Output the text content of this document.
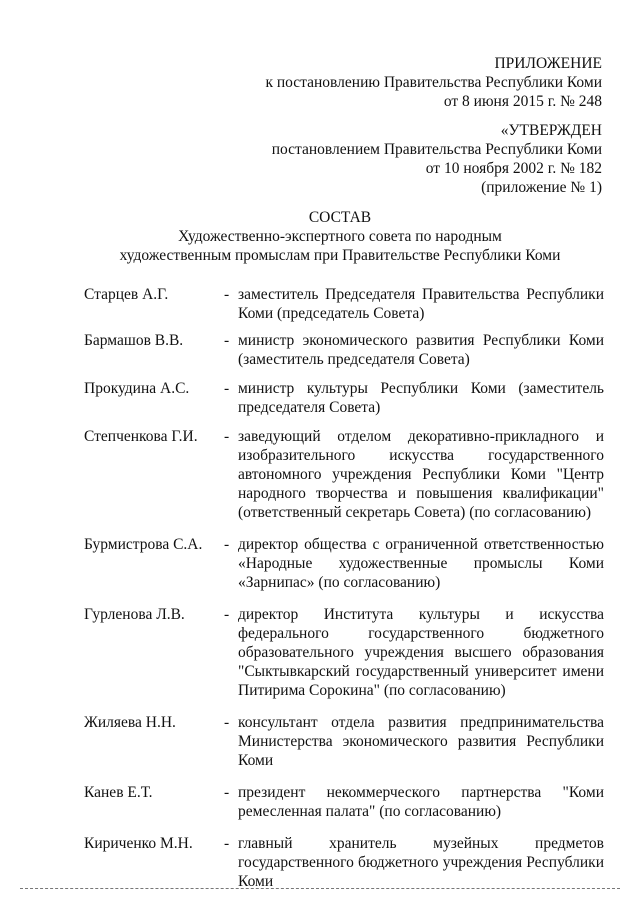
ПРИЛОЖЕНИЕ
к постановлению Правительства Республики Коми
от 8 июня 2015 г. № 248
«УТВЕРЖДЕН
постановлением Правительства Республики Коми
от 10 ноября 2002 г. № 182
(приложение № 1)
СОСТАВ
Художественно-экспертного совета по народным
художественным промыслам при Правительстве Республики Коми
Старцев А.Г.	- заместитель Председателя Правительства Республики Коми (председатель Совета)
Бармашов В.В.	- министр экономического развития Республики Коми (заместитель председателя Совета)
Прокудина А.С.	- министр культуры Республики Коми (заместитель председателя Совета)
Степченкова Г.И.	- заведующий отделом декоративно-прикладного и изобразительного искусства государственного автономного учреждения Республики Коми "Центр народного творчества и повышения квалификации" (ответственный секретарь Совета) (по согласованию)
Бурмистрова С.А.	- директор общества с ограниченной ответственностью «Народные художественные промыслы Коми «Зарнипас» (по согласованию)
Гурленова Л.В.	- директор Института культуры и искусства федерального государственного бюджетного образовательного учреждения высшего образования "Сыктывкарский государственный университет имени Питирима Сорокина" (по согласованию)
Жиляева Н.Н.	- консультант отдела развития предпринимательства Министерства экономического развития Республики Коми
Канев Е.Т.	- президент некоммерческого партнерства "Коми ремесленная палата" (по согласованию)
Кириченко М.Н.	- главный хранитель музейных предметов государственного бюджетного учреждения Республики Коми
